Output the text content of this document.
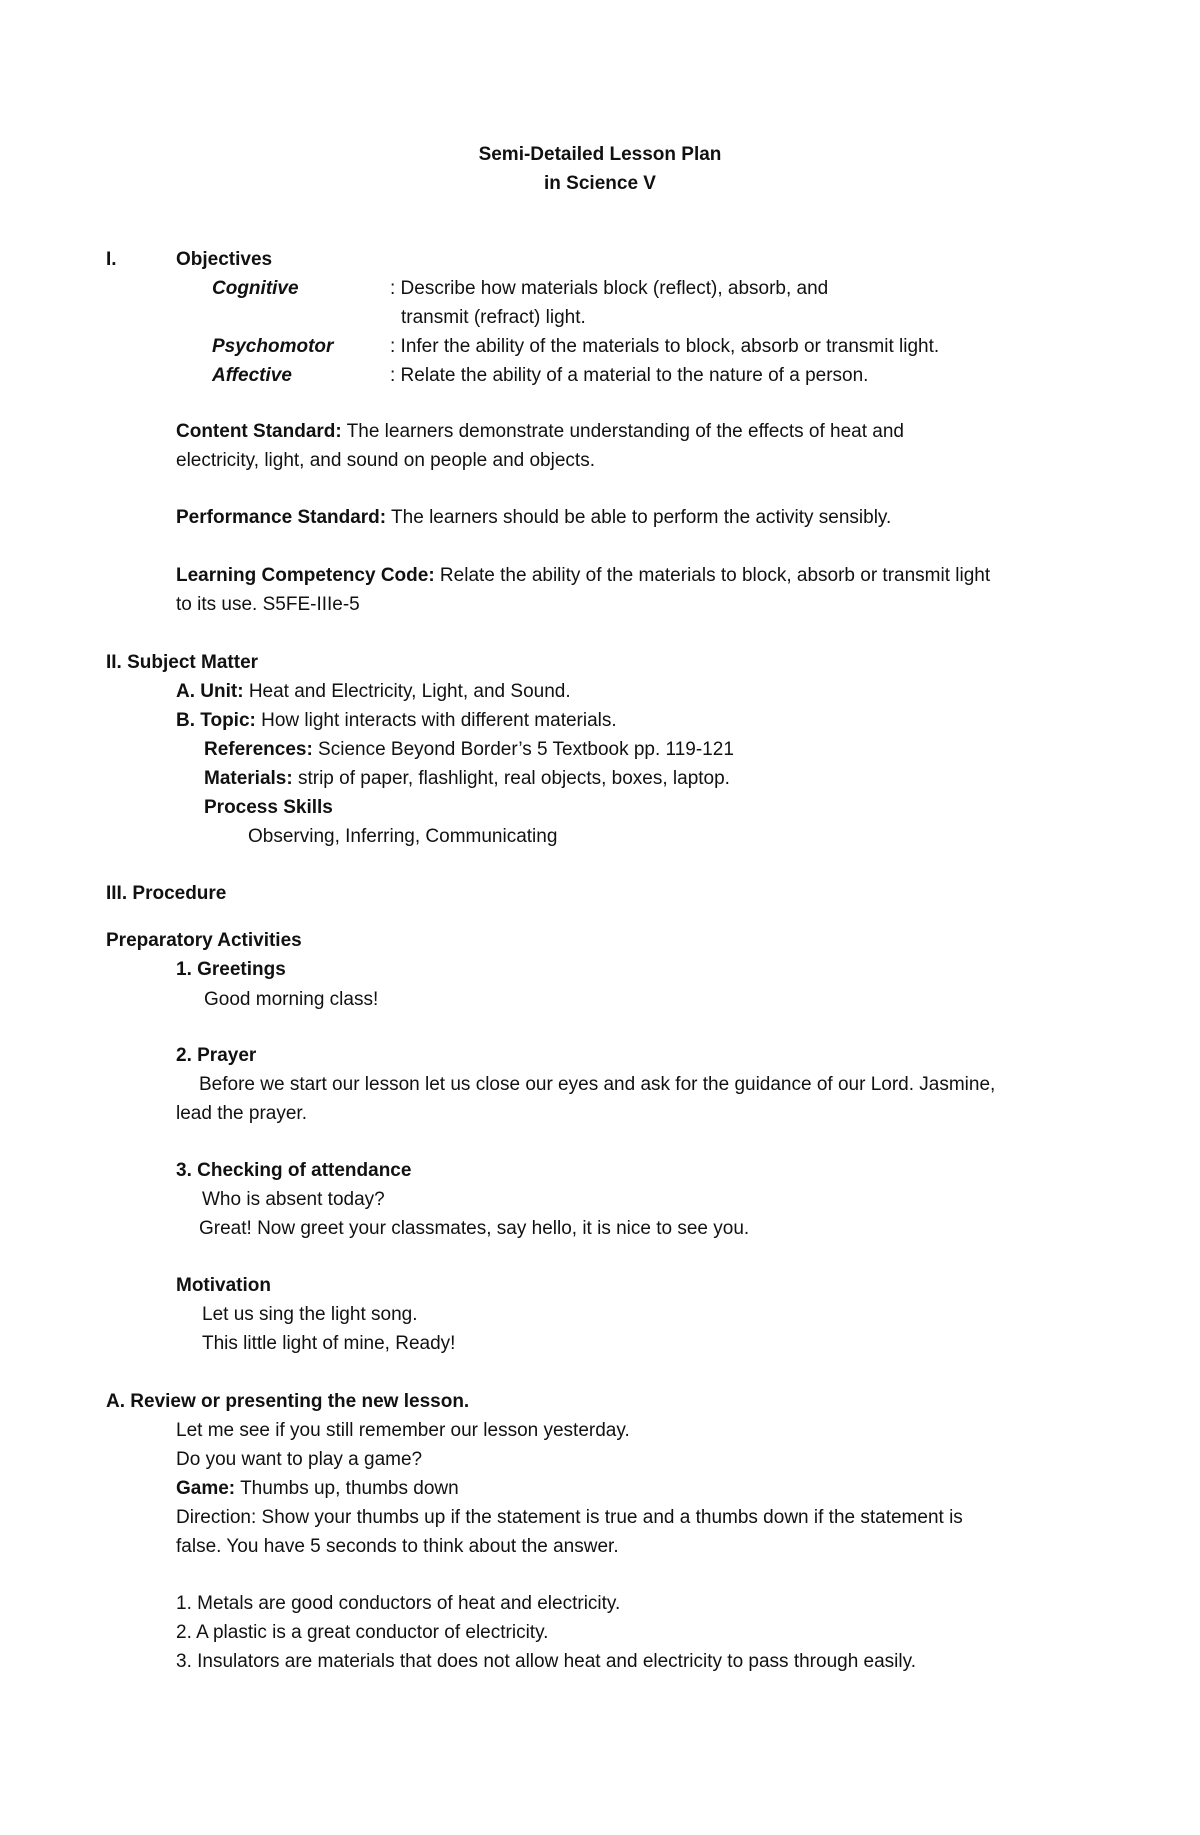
Semi-Detailed Lesson Plan
in Science V
I.	Objectives
Cognitive	: Describe how materials block (reflect), absorb, and
transmit (refract) light.
Psychomotor	: Infer the ability of the materials to block, absorb or transmit light.
Affective	: Relate the ability of a material to the nature of a person.
Content Standard: The learners demonstrate understanding of the effects of heat and
electricity, light, and sound on people and objects.
Performance Standard: The learners should be able to perform the activity sensibly.
Learning Competency Code: Relate the ability of the materials to block, absorb or transmit light
to its use. S5FE-IIIe-5
II. Subject Matter
A. Unit: Heat and Electricity, Light, and Sound.
B. Topic: How light interacts with different materials.
References: Science Beyond Border’s 5 Textbook pp. 119-121
Materials: strip of paper, flashlight, real objects, boxes, laptop.
Process Skills
Observing, Inferring, Communicating
III. Procedure
Preparatory Activities
1. Greetings
Good morning class!
2. Prayer
Before we start our lesson let us close our eyes and ask for the guidance of our Lord. Jasmine,
lead the prayer.
3. Checking of attendance
Who is absent today?
Great! Now greet your classmates, say hello, it is nice to see you.
Motivation
Let us sing the light song.
This little light of mine, Ready!
A. Review or presenting the new lesson.
Let me see if you still remember our lesson yesterday.
Do you want to play a game?
Game: Thumbs up, thumbs down
Direction: Show your thumbs up if the statement is true and a thumbs down if the statement is
false. You have 5 seconds to think about the answer.
1. Metals are good conductors of heat and electricity.
2. A plastic is a great conductor of electricity.
3. Insulators are materials that does not allow heat and electricity to pass through easily.
